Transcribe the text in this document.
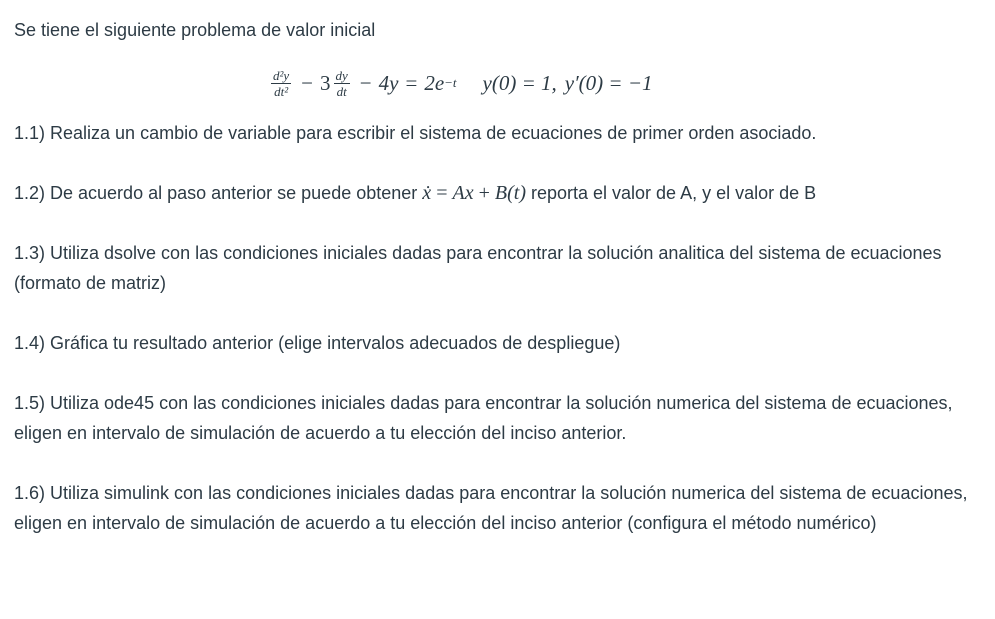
Se tiene el siguiente problema de valor inicial

$\frac{\text{d²y}}{\text{dt²}} - 3 \frac{dy}{dt} - 4y = 2e -t$ y(0) = 1, y′(0) = −1

1.1) Realiza un cambio de variable para escribir el sistema de ecuaciones de primer orden asociado.

1.2) De acuerdo al paso anterior se puede obtener ẋ = Ax + B(t) reporta el valor de A, y el valor de B

1.3) Utiliza dsolve con las condiciones iniciales dadas para encontrar la solución analitica del sistema de ecuaciones (formato de matriz)

1.4) Gráfica tu resultado anterior (elige intervalos adecuados de despliegue)

1.5) Utiliza ode45 con las condiciones iniciales dadas para encontrar la solución numerica del sistema de ecuaciones, eligen en intervalo de simulación de acuerdo a tu elección del inciso anterior.

1.6) Utiliza simulink con las condiciones iniciales dadas para encontrar la solución numerica del sistema de ecuaciones, eligen en intervalo de simulación de acuerdo a tu elección del inciso anterior (configura el método numérico)
